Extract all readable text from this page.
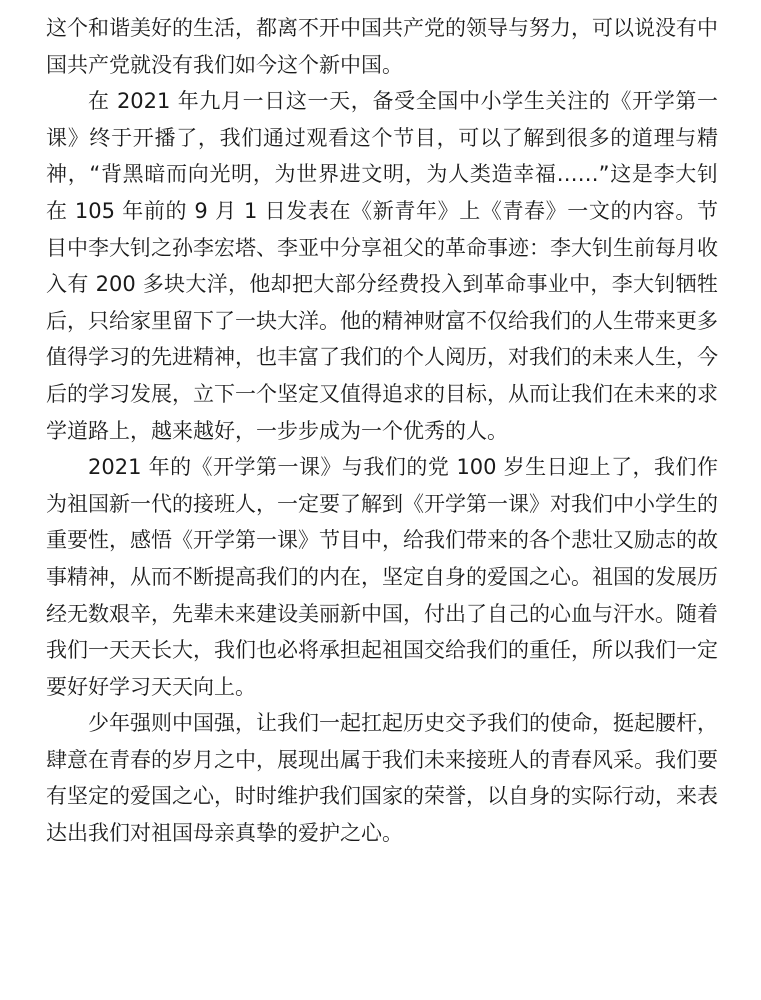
这个和谐美好的生活，都离不开中国共产党的领导与努力，可以说没有中国共产党就没有我们如今这个新中国。

在 2021 年九月一日这一天，备受全国中小学生关注的《开学第一课》终于开播了，我们通过观看这个节目，可以了解到很多的道理与精神，“背黑暗而向光明，为世界进文明，为人类造幸福……”这是李大钊在 105 年前的 9 月 1 日发表在《新青年》上《青春》一文的内容。节目中李大钊之孙李宏塔、李亚中分享祖父的革命事迹：李大钊生前每月收入有 200 多块大洋，他却把大部分经费投入到革命事业中，李大钊牺牲后，只给家里留下了一块大洋。他的精神财富不仅给我们的人生带来更多值得学习的先进精神，也丰富了我们的个人阅历，对我们的未来人生，今后的学习发展，立下一个坚定又值得追求的目标，从而让我们在未来的求学道路上，越来越好，一步步成为一个优秀的人。

2021 年的《开学第一课》与我们的党 100 岁生日迎上了，我们作为祖国新一代的接班人，一定要了解到《开学第一课》对我们中小学生的重要性，感悟《开学第一课》节目中，给我们带来的各个悲壮又励志的故事精神，从而不断提高我们的内在，坚定自身的爱国之心。祖国的发展历经无数艰辛，先辈未来建设美丽新中国，付出了自己的心血与汗水。随着我们一天天长大，我们也必将承担起祖国交给我们的重任，所以我们一定要好好学习天天向上。

少年强则中国强，让我们一起扛起历史交予我们的使命，挺起腰杆，肆意在青春的岁月之中，展现出属于我们未来接班人的青春风采。我们要有坚定的爱国之心，时时维护我们国家的荣誉，以自身的实际行动，来表达出我们对祖国母亲真挚的爱护之心。
